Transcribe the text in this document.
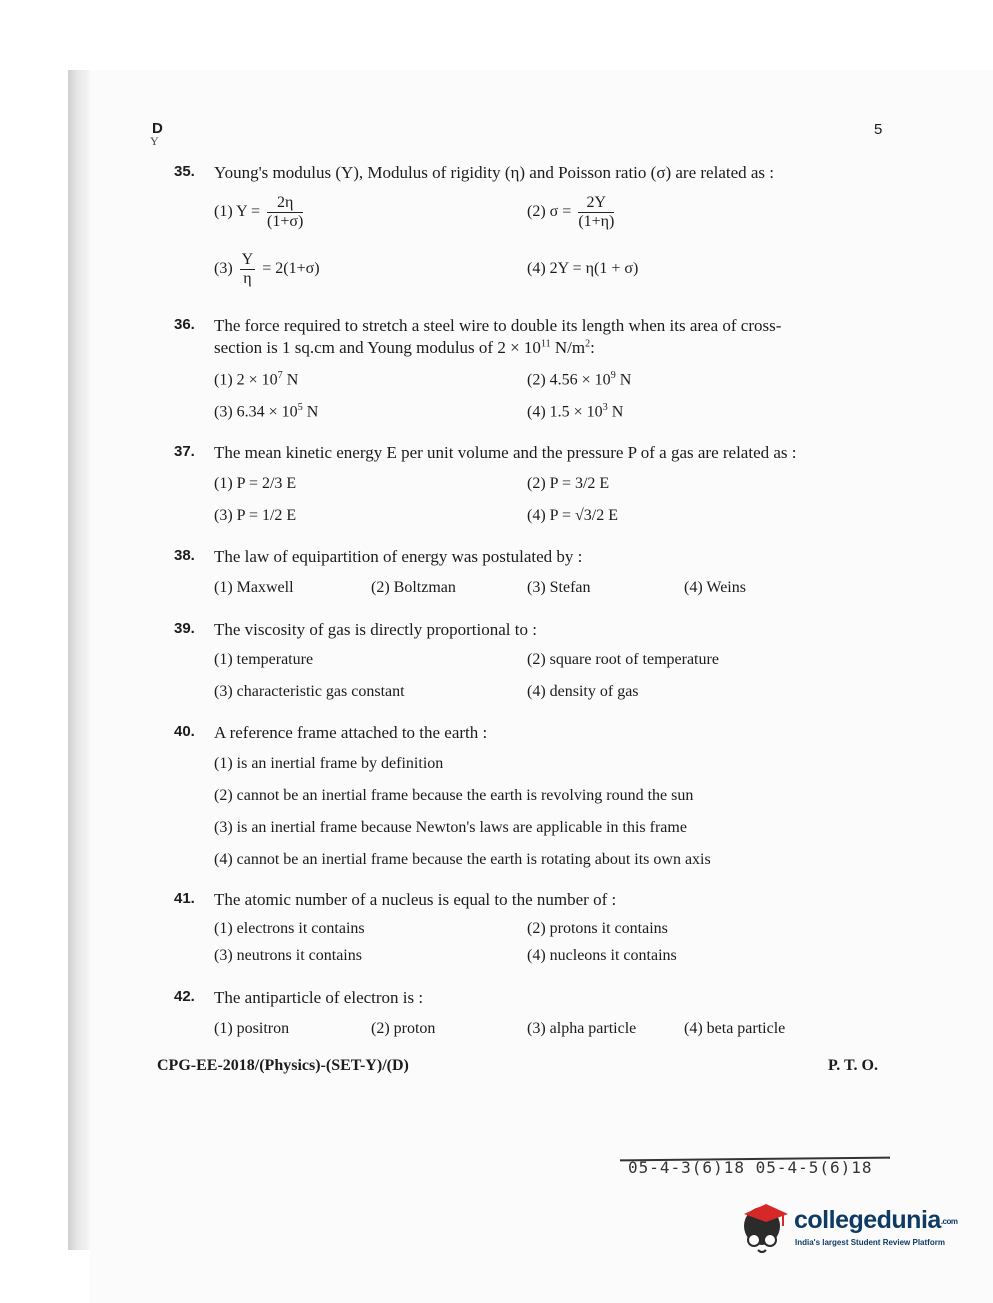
D
Y
5
35. Young's modulus (Y), Modulus of rigidity (η) and Poisson ratio (σ) are related as :
(1) $Y = \frac{2\eta}{(1+\sigma)}$	(2) $\sigma = \frac{2Y}{(1+\eta)}$
$(3) \frac{Y}{\eta} = 2(1+\sigma)$	(4) 2Y = η(1 + σ)
36. The force required to stretch a steel wire to double its length when its area of cross-
section is 1 sq.cm and Young modulus of $2 \times 10^{11}$ $N/m^2$:
(1) $2 \times 10^7$ N	(2) $4.56 \times 10^9$ N
(3) $6.34 \times 10^5$ N	(4) $1.5 \times 10^3$ N
37. The mean kinetic energy E per unit volume and the pressure P of a gas are related as :
(1) P = 2/3 E	(2) P = 3/2 E
(3) P = 1/2 E	(4) P = √3/2 E
38. The law of equipartition of energy was postulated by :
(1) Maxwell	(2) Boltzman	(3) Stefan	(4) Weins
39. The viscosity of gas is directly proportional to :
(1) temperature	(2) square root of temperature
(3) characteristic gas constant	(4) density of gas
40. A reference frame attached to the earth :
(1) is an inertial frame by definition
(2) cannot be an inertial frame because the earth is revolving round the sun
(3) is an inertial frame because Newton's laws are applicable in this frame
(4) cannot be an inertial frame because the earth is rotating about its own axis
41. The atomic number of a nucleus is equal to the number of :
(1) electrons it contains	(2) protons it contains
(3) neutrons it contains	(4) nucleons it contains
42. The antiparticle of electron is :
(1) positron	(2) proton	(3) alpha particle	(4) beta particle
CPG-EE-2018/(Physics)-(SET-Y)/(D)	P. T. O.
05-4-3(6)18 05-4-5(6)18
collegedunia.com
India's largest Student Review Platform
